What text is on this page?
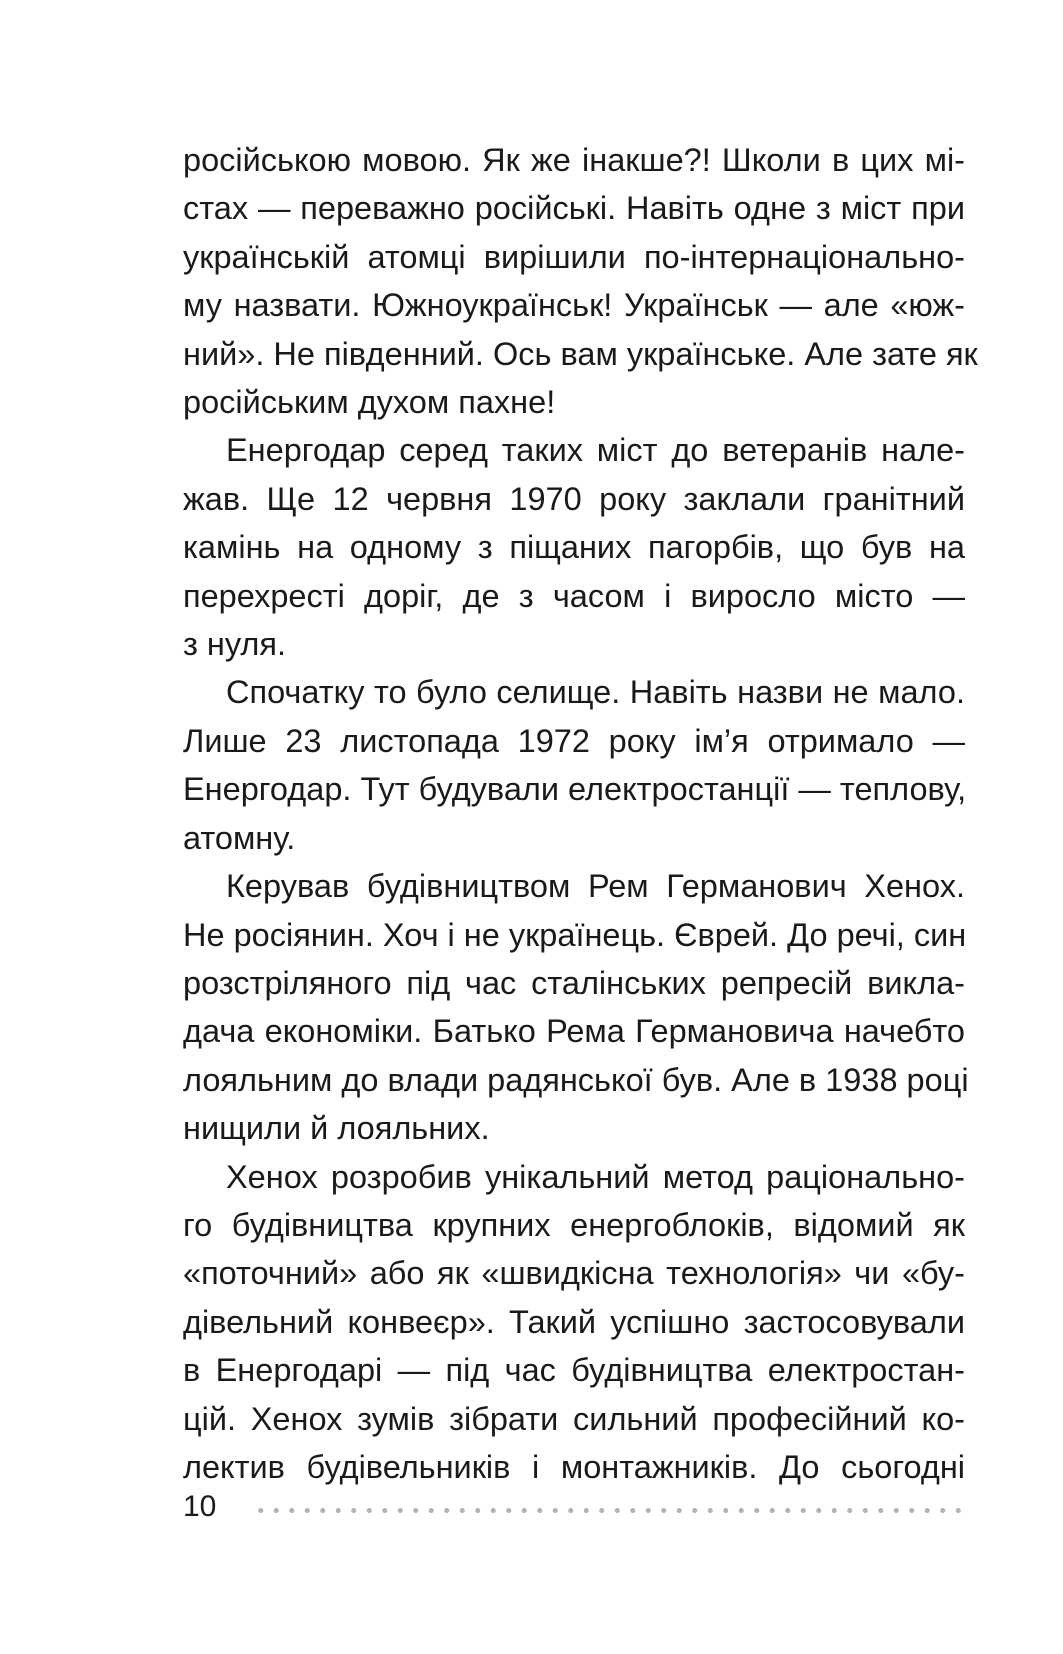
російською мовою. Як же інакше?! Школи в цих мі-
стах — переважно російські. Навіть одне з міст при
українській атомці вирішили по-інтернаціонально-
му назвати. Южноукраїнськ! Українськ — але «юж-
ний». Не південний. Ось вам українське. Але зате як
російським духом пахне!

Енергодар серед таких міст до ветеранів нале-
жав. Ще 12 червня 1970 року заклали гранітний
камінь на одному з піщаних пагорбів, що був на
перехресті доріг, де з часом і виросло місто —
з нуля.

Спочатку то було селище. Навіть назви не мало.
Лише 23 листопада 1972 року ім’я отримало —
Енергодар. Тут будували електростанції — теплову,
атомну.

Керував будівництвом Рем Германович Хенох.
Не росіянин. Хоч і не українець. Єврей. До речі, син
розстріляного під час сталінських репресій викла-
дача економіки. Батько Рема Германовича начебто
лояльним до влади радянської був. Але в 1938 році
нищили й лояльних.

Хенох розробив унікальний метод раціонально-
го будівництва крупних енергоблоків, відомий як
«поточний» або як «швидкісна технологія» чи «бу-
дівельний конвеєр». Такий успішно застосовували
в Енергодарі — під час будівництва електростан-
цій. Хенох зумів зібрати сильний професійний ко-
лектив будівельників і монтажників. До сьогодні

10
